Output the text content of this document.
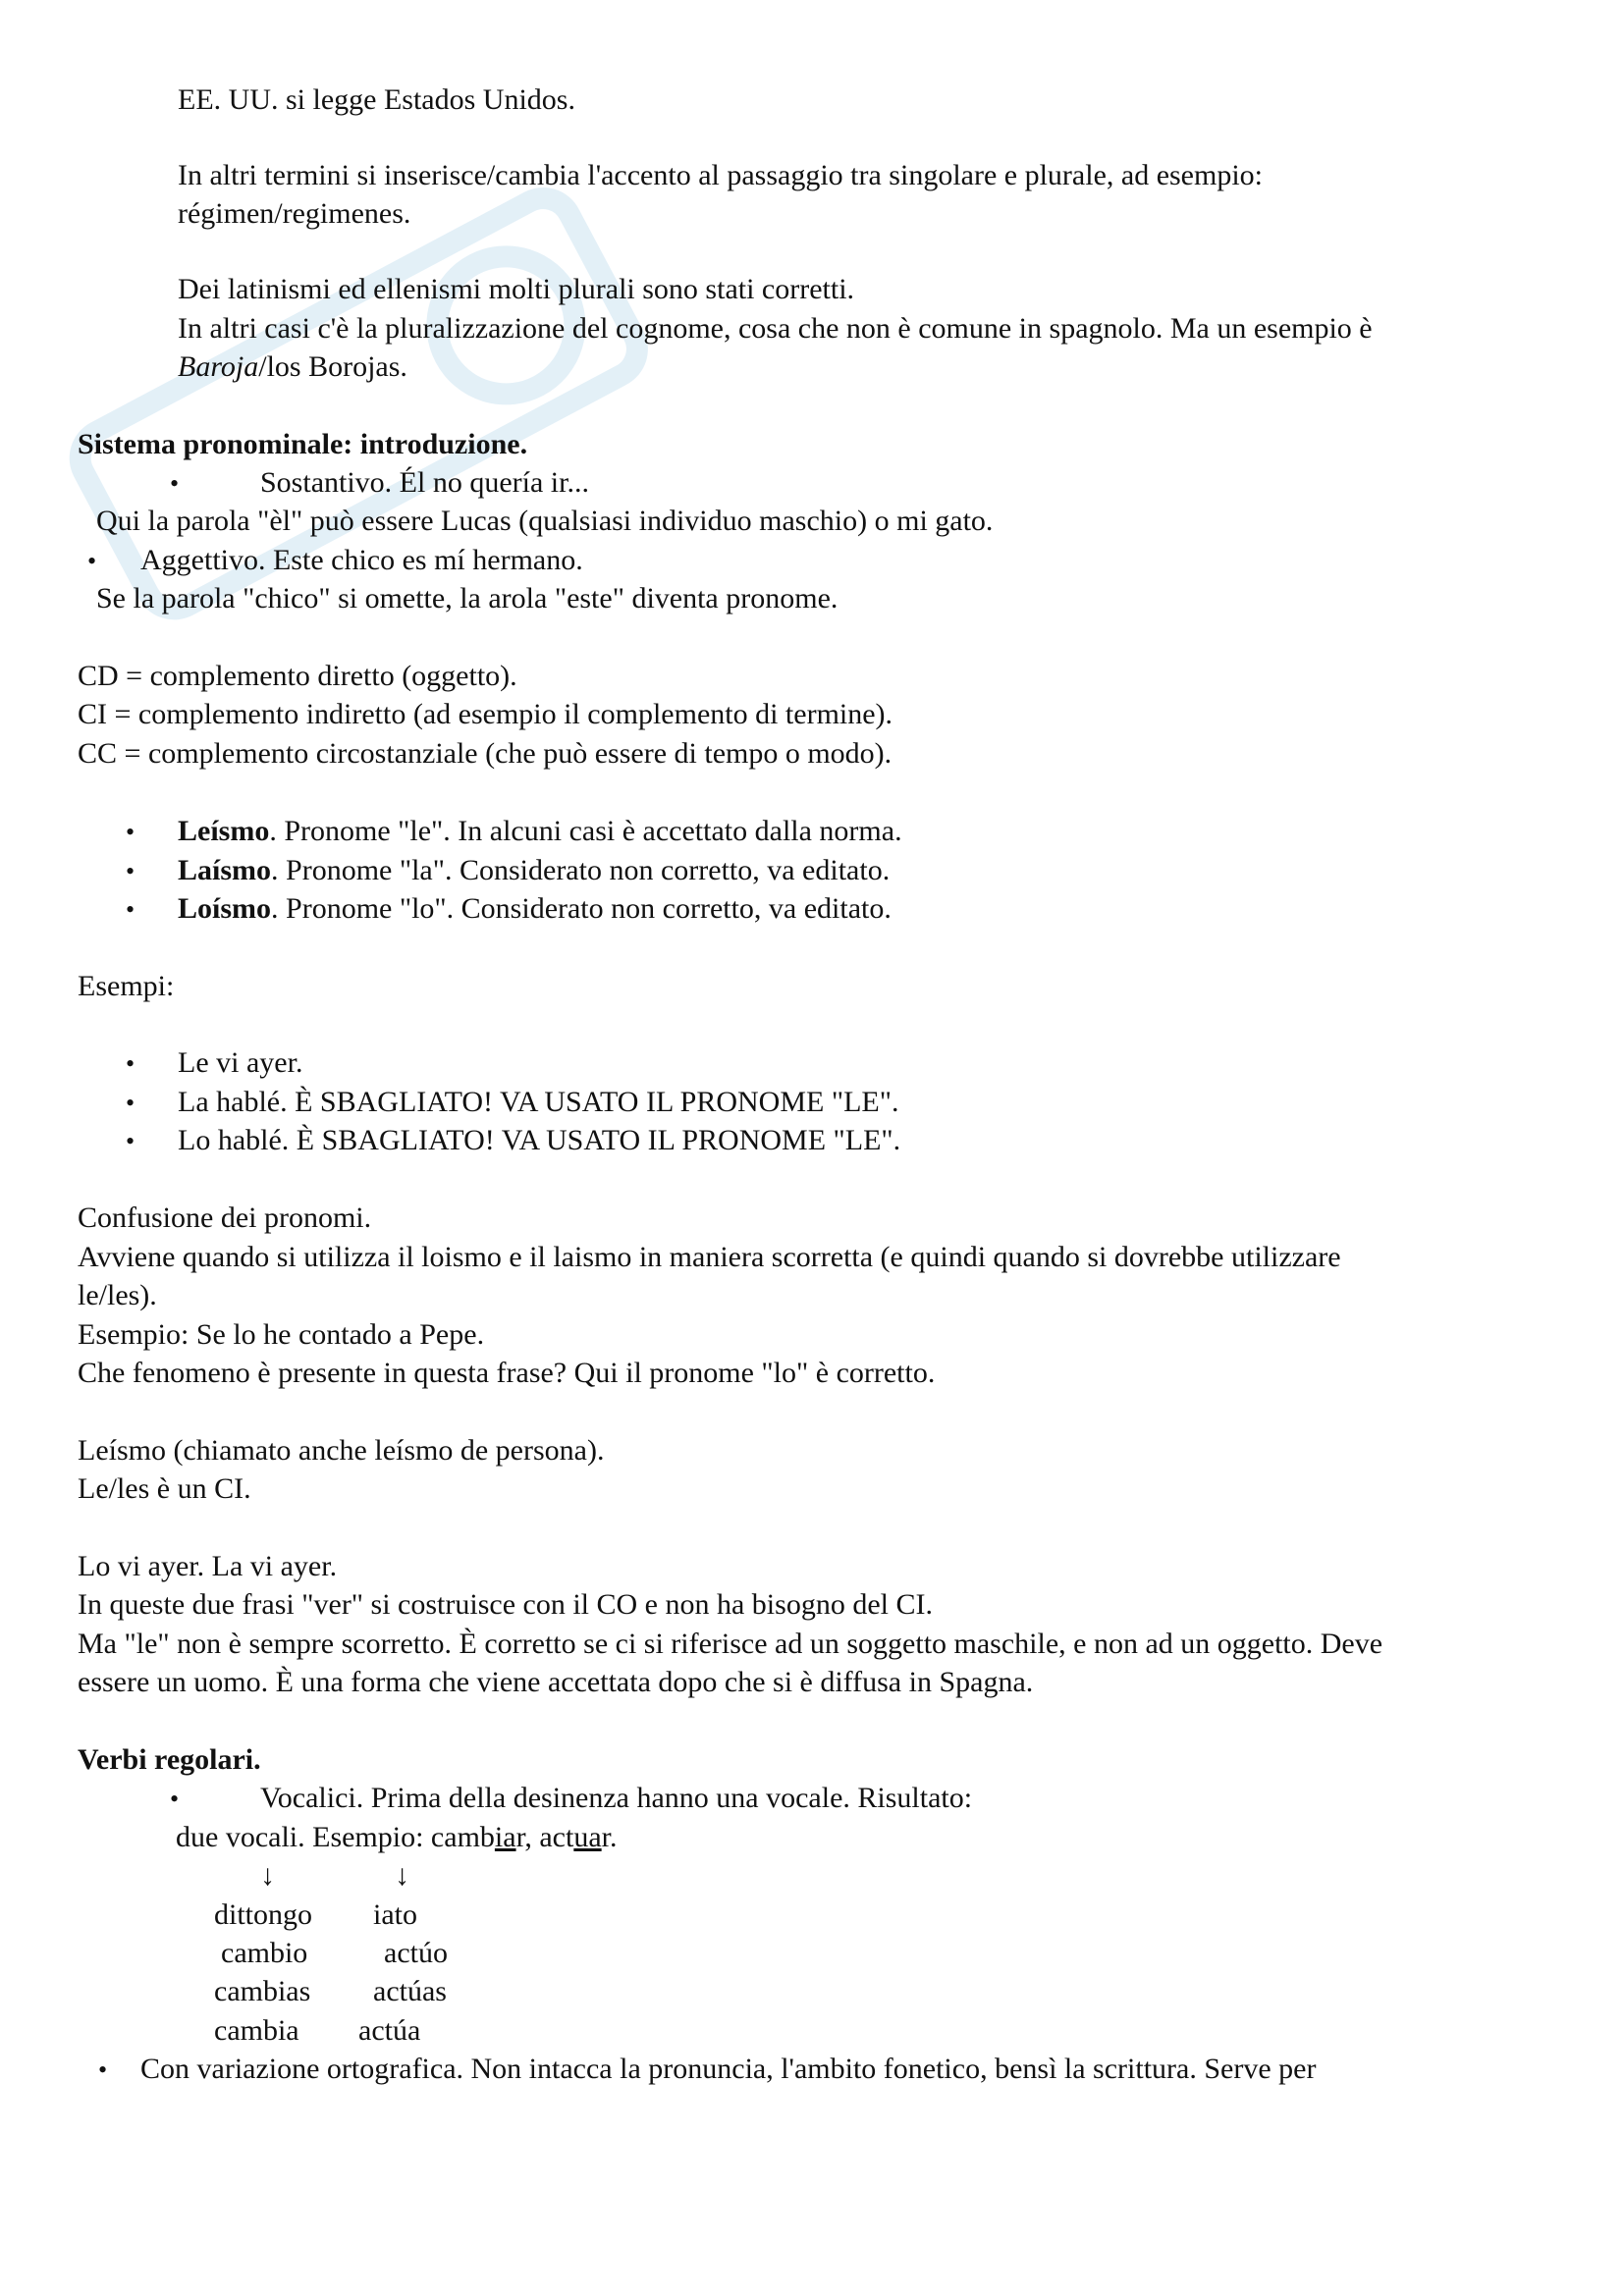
EE. UU. si legge Estados Unidos.
In altri termini si inserisce/cambia l'accento al passaggio tra singolare e plurale, ad esempio:
régimen/regimenes.
Dei latinismi ed ellenismi molti plurali sono stati corretti.
In altri casi c'è la pluralizzazione del cognome, cosa che non è comune in spagnolo. Ma un esempio è
Baroja/los Borojas.
Sistema pronominale: introduzione.
•	Sostantivo. Él no quería ir...
Qui la parola "èl" può essere Lucas (qualsiasi individuo maschio) o mi gato.
• Aggettivo. Este chico es mí hermano.
Se la parola "chico" si omette, la arola "este" diventa pronome.
CD = complemento diretto (oggetto).
CI = complemento indiretto (ad esempio il complemento di termine).
CC = complemento circostanziale (che può essere di tempo o modo).
• Leísmo. Pronome "le". In alcuni casi è accettato dalla norma.
• Laísmo. Pronome "la". Considerato non corretto, va editato.
• Loísmo. Pronome "lo". Considerato non corretto, va editato.
Esempi:
• Le vi ayer.
• La hablé. È SBAGLIATO! VA USATO IL PRONOME "LE".
• Lo hablé. È SBAGLIATO! VA USATO IL PRONOME "LE".
Confusione dei pronomi.
Avviene quando si utilizza il loismo e il laismo in maniera scorretta (e quindi quando si dovrebbe utilizzare
le/les).
Esempio: Se lo he contado a Pepe.
Che fenomeno è presente in questa frase? Qui il pronome "lo" è corretto.
Leísmo (chiamato anche leísmo de persona).
Le/les è un CI.
Lo vi ayer. La vi ayer.
In queste due frasi "ver" si costruisce con il CO e non ha bisogno del CI.
Ma "le" non è sempre scorretto. È corretto se ci si riferisce ad un soggetto maschile, e non ad un oggetto. Deve
essere un uomo. È una forma che viene accettata dopo che si è diffusa in Spagna.
Verbi regolari.
•	Vocalici. Prima della desinenza hanno una vocale. Risultato:
due vocali. Esempio: cambiar, actuar.
↓	↓
dittongo iato
cambio	actúo
cambias actúas
cambia actúa
• Con variazione ortografica. Non intacca la pronuncia, l'ambito fonetico, bensì la scrittura. Serve per
